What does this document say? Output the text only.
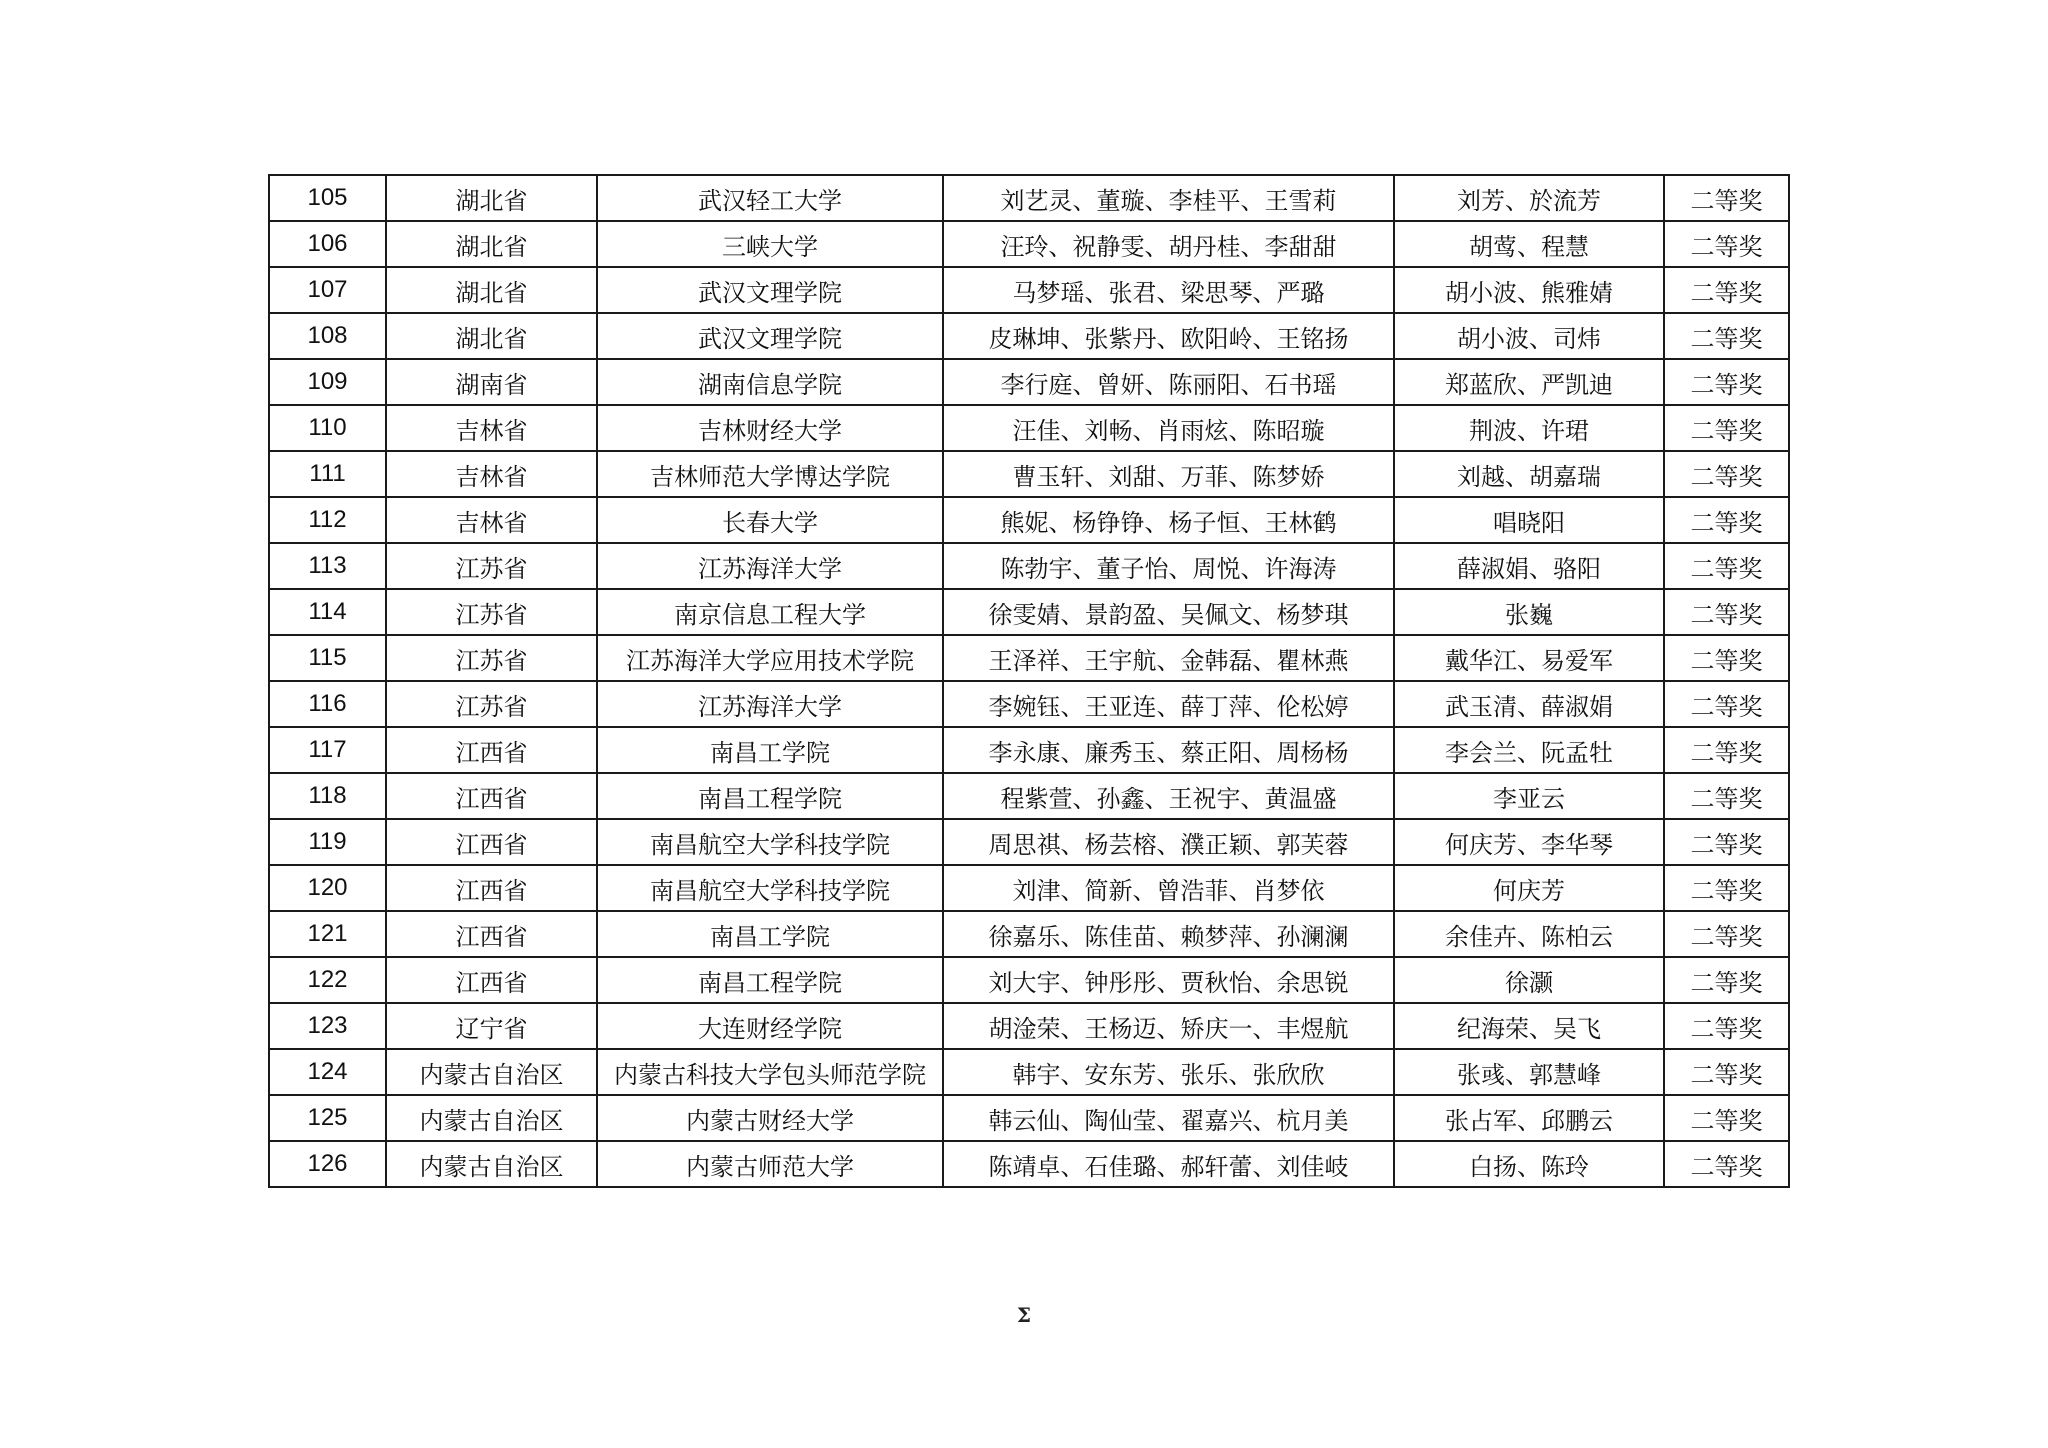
105	湖北省	武汉轻工大学	刘艺灵、董璇、李桂平、王雪莉	刘芳、於流芳	二等奖
106	湖北省	三峡大学	汪玲、祝静雯、胡丹桂、李甜甜	胡莺、程慧	二等奖
107	湖北省	武汉文理学院	马梦瑶、张君、梁思琴、严璐	胡小波、熊雅婧	二等奖
108	湖北省	武汉文理学院	皮琳坤、张紫丹、欧阳岭、王铭扬	胡小波、司炜	二等奖
109	湖南省	湖南信息学院	李行庭、曾妍、陈丽阳、石书瑶	郑蓝欣、严凯迪	二等奖
110	吉林省	吉林财经大学	汪佳、刘畅、肖雨炫、陈昭璇	荆波、许珺	二等奖
111	吉林省	吉林师范大学博达学院	曹玉轩、刘甜、万菲、陈梦娇	刘越、胡嘉瑞	二等奖
112	吉林省	长春大学	熊妮、杨铮铮、杨子恒、王林鹤	唱晓阳	二等奖
113	江苏省	江苏海洋大学	陈勃宇、董子怡、周悦、许海涛	薛淑娟、骆阳	二等奖
114	江苏省	南京信息工程大学	徐雯婧、景韵盈、吴佩文、杨梦琪	张巍	二等奖
115	江苏省	江苏海洋大学应用技术学院	王泽祥、王宇航、金韩磊、瞿林燕	戴华江、易爱军	二等奖
116	江苏省	江苏海洋大学	李婉钰、王亚连、薛丁萍、伦松婷	武玉清、薛淑娟	二等奖
117	江西省	南昌工学院	李永康、廉秀玉、蔡正阳、周杨杨	李会兰、阮孟牡	二等奖
118	江西省	南昌工程学院	程紫萱、孙鑫、王祝宇、黄温盛	李亚云	二等奖
119	江西省	南昌航空大学科技学院	周思祺、杨芸榕、濮正颖、郭芙蓉	何庆芳、李华琴	二等奖
120	江西省	南昌航空大学科技学院	刘津、简新、曾浩菲、肖梦依	何庆芳	二等奖
121	江西省	南昌工学院	徐嘉乐、陈佳苗、赖梦萍、孙澜澜	余佳卉、陈柏云	二等奖
122	江西省	南昌工程学院	刘大宇、钟彤彤、贾秋怡、余思锐	徐灏	二等奖
123	辽宁省	大连财经学院	胡淦荣、王杨迈、矫庆一、丰煜航	纪海荣、吴飞	二等奖
124	内蒙古自治区	内蒙古科技大学包头师范学院	韩宇、安东芳、张乐、张欣欣	张彧、郭慧峰	二等奖
125	内蒙古自治区	内蒙古财经大学	韩云仙、陶仙莹、翟嘉兴、杭月美	张占军、邱鹏云	二等奖
126	内蒙古自治区	内蒙古师范大学	陈靖卓、石佳璐、郝轩蕾、刘佳岐	白扬、陈玲	二等奖
Σ
